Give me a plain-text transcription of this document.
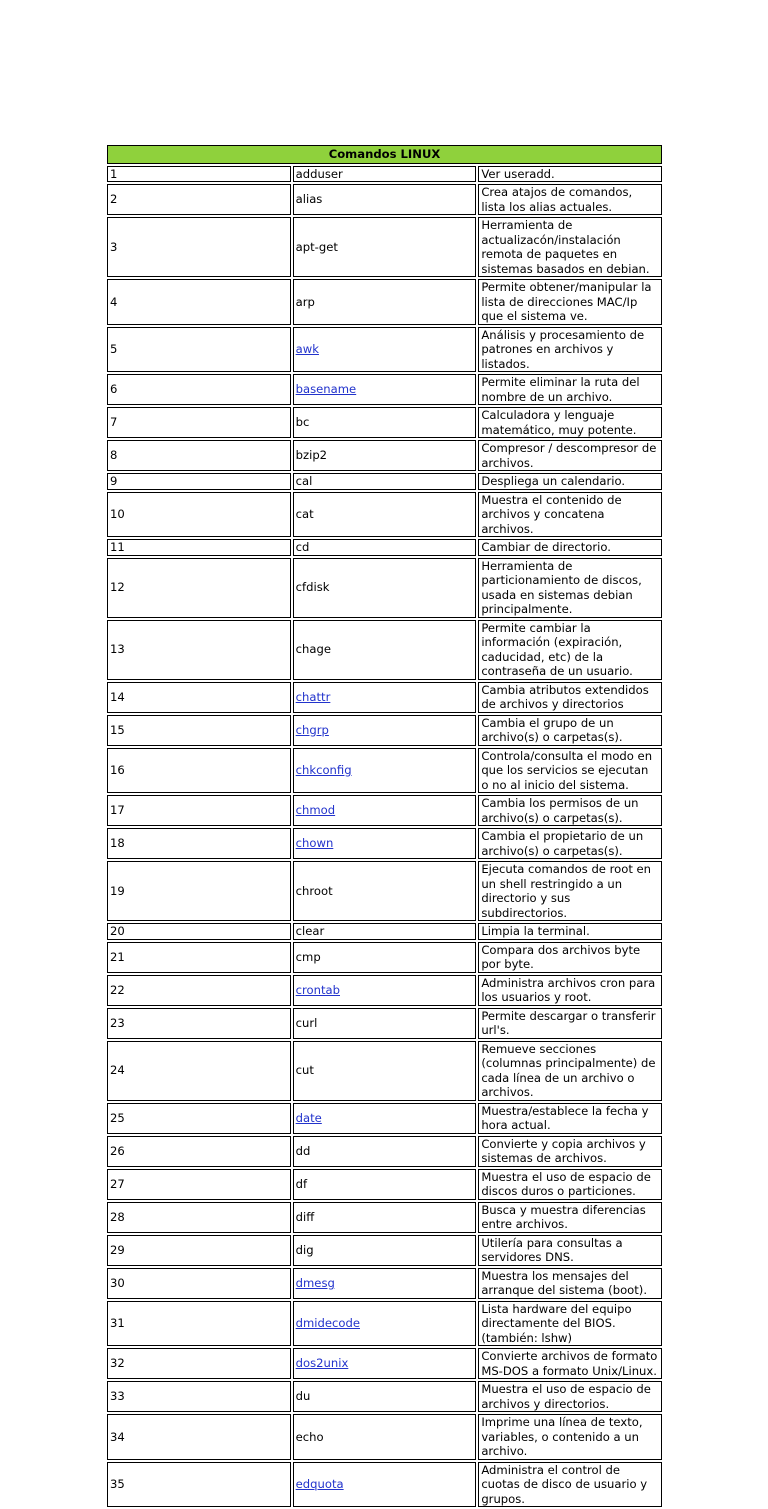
Comandos LINUX		
1	adduser	Ver useradd.
2	alias	Crea atajos de comandos, lista los alias actuales.
3	apt-get	Herramienta de actualizacón/instalación remota de paquetes en sistemas basados en debian.
4	arp	Permite obtener/manipular la lista de direcciones MAC/Ip que el sistema ve.
5	awk	Análisis y procesamiento de patrones en archivos y listados.
6	basename	Permite eliminar la ruta del nombre de un archivo.
7	bc	Calculadora y lenguaje matemático, muy potente.
8	bzip2	Compresor / descompresor de archivos.
9	cal	Despliega un calendario.
10	cat	Muestra el contenido de archivos y concatena archivos.
11	cd	Cambiar de directorio.
12	cfdisk	Herramienta de particionamiento de discos, usada en sistemas debian principalmente.
13	chage	Permite cambiar la información (expiración, caducidad, etc) de la contraseña de un usuario.
14	chattr	Cambia atributos extendidos de archivos y directorios
15	chgrp	Cambia el grupo de un archivo(s) o carpetas(s).
16	chkconfig	Controla/consulta el modo en que los servicios se ejecutan o no al inicio del sistema.
17	chmod	Cambia los permisos de un archivo(s) o carpetas(s).
18	chown	Cambia el propietario de un archivo(s) o carpetas(s).
19	chroot	Ejecuta comandos de root en un shell restringido a un directorio y sus subdirectorios.
20	clear	Limpia la terminal.
21	cmp	Compara dos archivos byte por byte.
22	crontab	Administra archivos cron para los usuarios y root.
23	curl	Permite descargar o transferir url's.
24	cut	Remueve secciones (columnas principalmente) de cada línea de un archivo o archivos.
25	date	Muestra/establece la fecha y hora actual.
26	dd	Convierte y copia archivos y sistemas de archivos.
27	df	Muestra el uso de espacio de discos duros o particiones.
28	diff	Busca y muestra diferencias entre archivos.
29	dig	Utilería para consultas a servidores DNS.
30	dmesg	Muestra los mensajes del arranque del sistema (boot).
31	dmidecode	Lista hardware del equipo directamente del BIOS. (también: lshw)
32	dos2unix	Convierte archivos de formato MS-DOS a formato Unix/Linux.
33	du	Muestra el uso de espacio de archivos y directorios.
34	echo	Imprime una línea de texto, variables, o contenido a un archivo.
35	edquota	Administra el control de cuotas de disco de usuario y grupos.
